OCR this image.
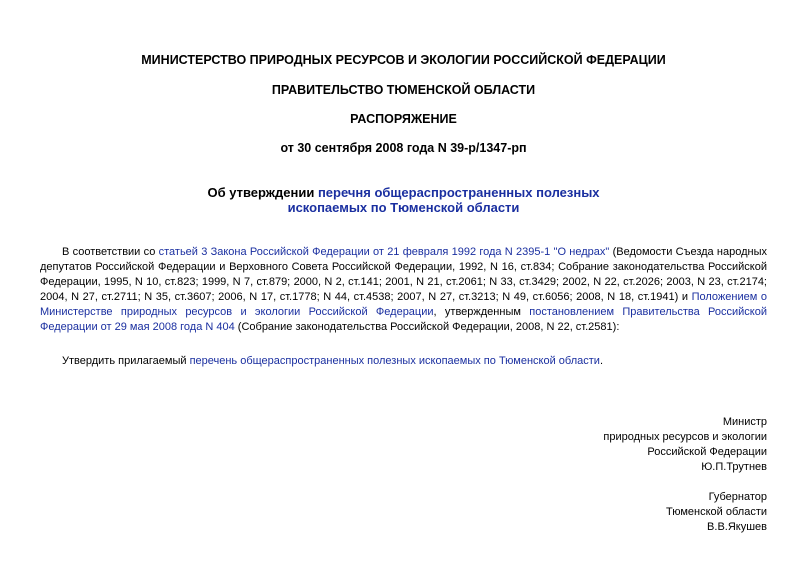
МИНИСТЕРСТВО ПРИРОДНЫХ РЕСУРСОВ И ЭКОЛОГИИ РОССИЙСКОЙ ФЕДЕРАЦИИ
ПРАВИТЕЛЬСТВО ТЮМЕНСКОЙ ОБЛАСТИ
РАСПОРЯЖЕНИЕ
от 30 сентября 2008 года N 39-р/1347-рп
Об утверждении перечня общераспространенных полезных ископаемых по Тюменской области
В соответствии со статьей 3 Закона Российской Федерации от 21 февраля 1992 года N 2395-1 "О недрах" (Ведомости Съезда народных депутатов Российской Федерации и Верховного Совета Российской Федерации, 1992, N 16, ст.834; Собрание законодательства Российской Федерации, 1995, N 10, ст.823; 1999, N 7, ст.879; 2000, N 2, ст.141; 2001, N 21, ст.2061; N 33, ст.3429; 2002, N 22, ст.2026; 2003, N 23, ст.2174; 2004, N 27, ст.2711; N 35, ст.3607; 2006, N 17, ст.1778; N 44, ст.4538; 2007, N 27, ст.3213; N 49, ст.6056; 2008, N 18, ст.1941) и Положением о Министерстве природных ресурсов и экологии Российской Федерации, утвержденным постановлением Правительства Российской Федерации от 29 мая 2008 года N 404 (Собрание законодательства Российской Федерации, 2008, N 22, ст.2581):
Утвердить прилагаемый перечень общераспространенных полезных ископаемых по Тюменской области.
Министр
природных ресурсов и экологии
Российской Федерации
Ю.П.Трутнев
Губернатор
Тюменской области
В.В.Якушев
